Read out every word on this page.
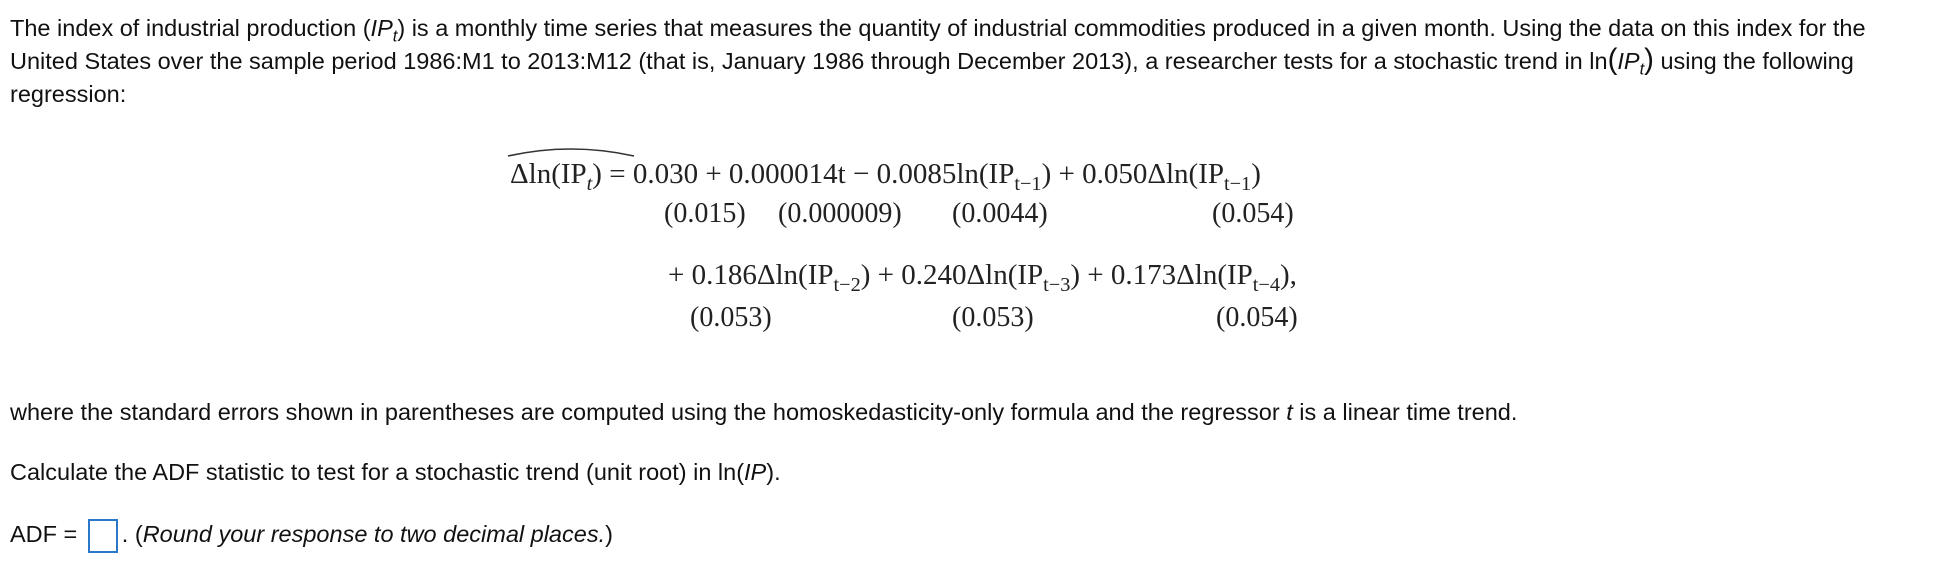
The index of industrial production $(IP_t)$ is a monthly time series that measures the quantity of industrial commodities produced in a given month. Using the data on this index for the United States over the sample period 1986:M1 to 2013:M12 (that is, January 1986 through December 2013), a researcher tests for a stochastic trend in $\ln(IP_t)$ using the following regression:
$\Delta\ln(IP_t) = 0.030 + 0.000014t - 0.0085\ln(IP_{t-1}) + 0.050\Delta\ln(IP_{t-1})$
(0.015) (0.000009) (0.0044)	(0.054)
+ $0.186\Delta\ln(IP_{t-2}) + 0.240\Delta\ln(IP_{t-3}) + 0.173\Delta\ln(IP_{t-4})$,
(0.053)	(0.053)	(0.054)
where the standard errors shown in parentheses are computed using the homoskedasticity-only formula and the regressor t is a linear time trend.
Calculate the ADF statistic to test for a stochastic trend (unit root) in ln(IP).
ADF = . (Round your response to two decimal places.)
